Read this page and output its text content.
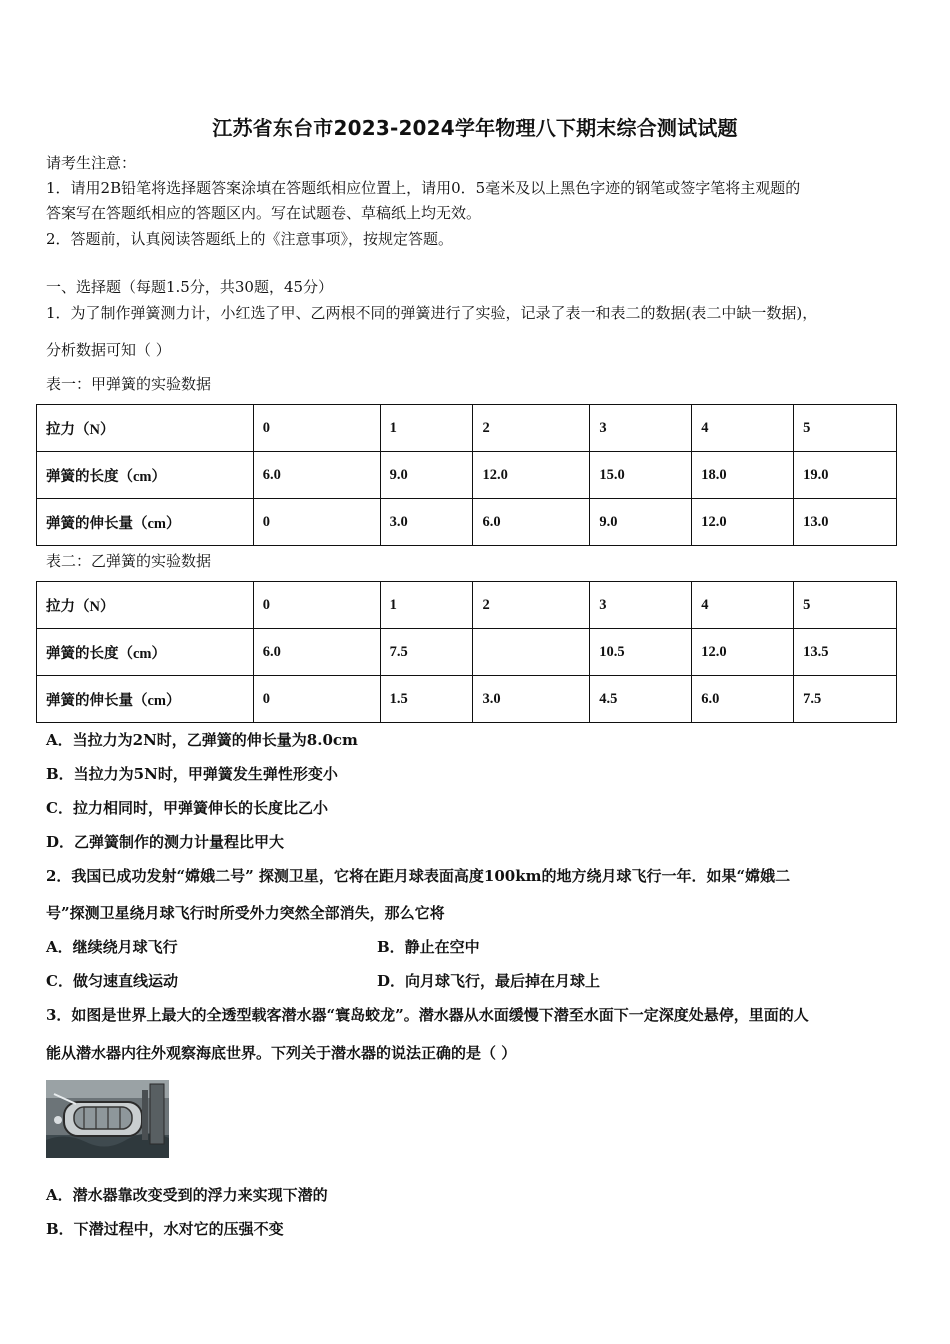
江苏省东台市2023-2024学年物理八下期末综合测试试题
请考生注意：
1．请用2B铅笔将选择题答案涂填在答题纸相应位置上，请用0．5毫米及以上黑色字迹的钢笔或签字笔将主观题的
答案写在答题纸相应的答题区内。写在试题卷、草稿纸上均无效。
2．答题前，认真阅读答题纸上的《注意事项》，按规定答题。
一、选择题（每题1.5分，共30题，45分）
1．为了制作弹簧测力计，小红选了甲、乙两根不同的弹簧进行了实验，记录了表一和表二的数据(表二中缺一数据)，
分析数据可知（ ）
表一：甲弹簧的实验数据
拉力（N）	0	1	2	3	4	5
弹簧的长度（cm）	6.0	9.0	12.0	15.0	18.0	19.0
弹簧的伸长量（cm）	0	3.0	6.0	9.0	12.0	13.0
表二：乙弹簧的实验数据
拉力（N）	0	1	2	3	4	5
弹簧的长度（cm）	6.0	7.5		10.5	12.0	13.5
弹簧的伸长量（cm）	0	1.5	3.0	4.5	6.0	7.5
A．当拉力为2N时，乙弹簧的伸长量为8.0cm
B．当拉力为5N时，甲弹簧发生弹性形变小
C．拉力相同时，甲弹簧伸长的长度比乙小
D．乙弹簧制作的测力计量程比甲大
2．我国已成功发射“嫦娥二号” 探测卫星，它将在距月球表面高度100km的地方绕月球飞行一年．如果“嫦娥二
号”探测卫星绕月球飞行时所受外力突然全部消失，那么它将
A．继续绕月球飞行	B．静止在空中
C．做匀速直线运动	D．向月球飞行，最后掉在月球上
3．如图是世界上最大的全透型载客潜水器“寰岛蛟龙”。潜水器从水面缓慢下潜至水面下一定深度处悬停，里面的人
能从潜水器内往外观察海底世界。下列关于潜水器的说法正确的是（ ）
A．潜水器靠改变受到的浮力来实现下潜的
B．下潜过程中，水对它的压强不变
